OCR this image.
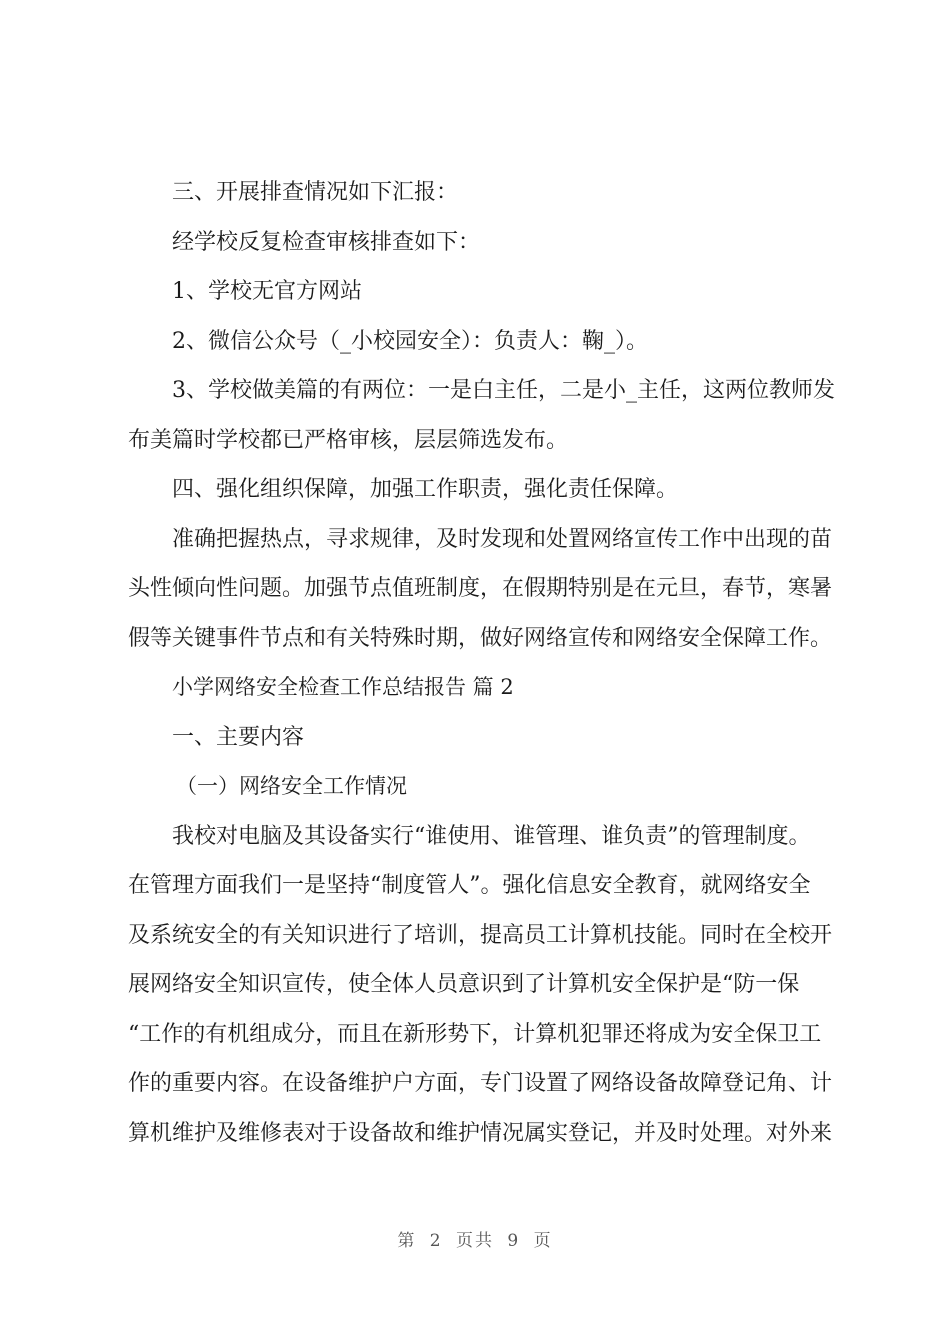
三、开展排查情况如下汇报：
经学校反复检查审核排查如下：
1、学校无官方网站
2、微信公众号（_小校园安全）：负责人：鞠_）。
3、学校做美篇的有两位：一是白主任，二是小_主任，这两位教师发
布美篇时学校都已严格审核，层层筛选发布。
四、强化组织保障，加强工作职责，强化责任保障。
准确把握热点，寻求规律，及时发现和处置网络宣传工作中出现的苗
头性倾向性问题。加强节点值班制度，在假期特别是在元旦，春节，寒暑
假等关键事件节点和有关特殊时期，做好网络宣传和网络安全保障工作。
小学网络安全检查工作总结报告 篇 2
一、主要内容
（一）网络安全工作情况
我校对电脑及其设备实行“谁使用、谁管理、谁负责”的管理制度。
在管理方面我们一是坚持“制度管人”。强化信息安全教育，就网络安全
及系统安全的有关知识进行了培训，提高员工计算机技能。同时在全校开
展网络安全知识宣传，使全体人员意识到了计算机安全保护是“防一保
“工作的有机组成分，而且在新形势下，计算机犯罪还将成为安全保卫工
作的重要内容。在设备维护户方面，专门设置了网络设备故障登记角、计
算机维护及维修表对于设备故和维护情况属实登记，并及时处理。对外来
第 2 页共 9 页
